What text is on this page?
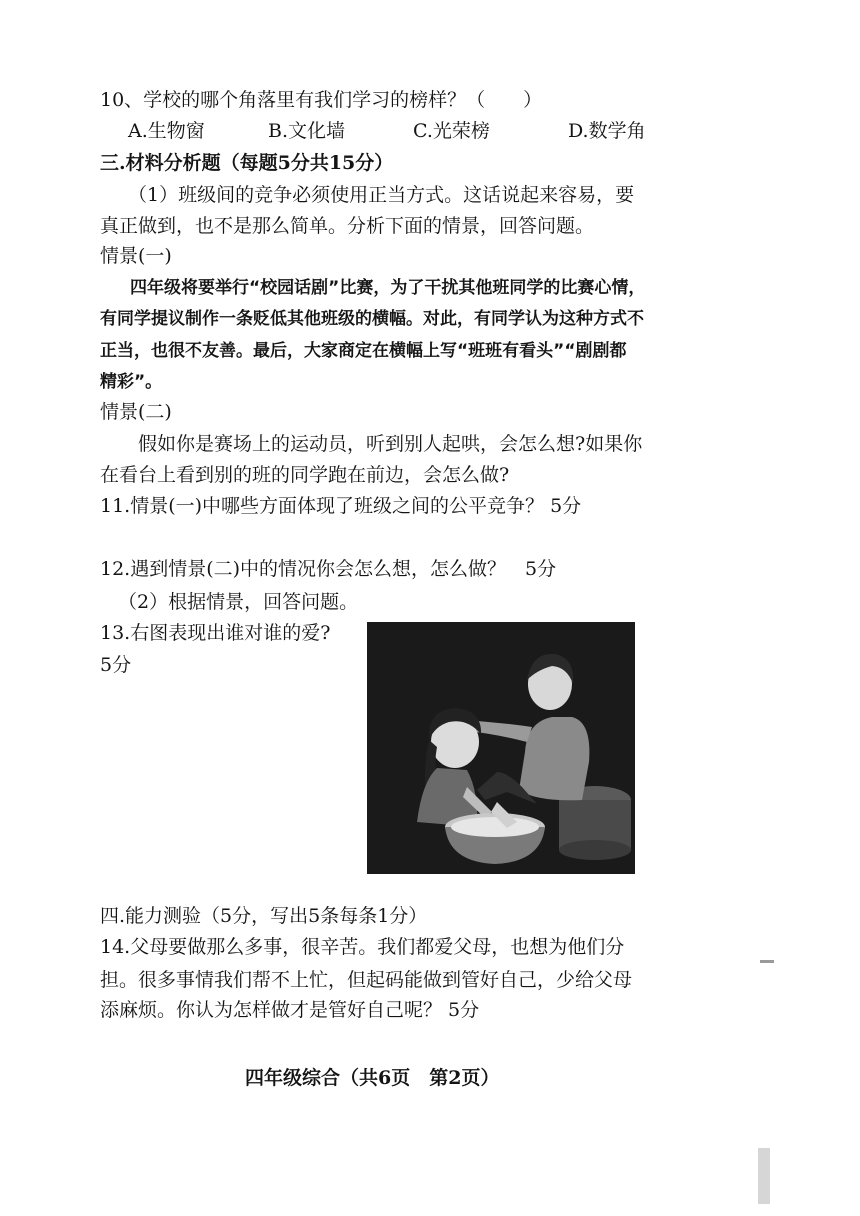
10、学校的哪个角落里有我们学习的榜样？（　　）
A.生物窗	B.文化墙	C.光荣榜	D.数学角
三.材料分析题（每题5分共15分）
（1）班级间的竞争必须使用正当方式。这话说起来容易，要
真正做到，也不是那么简单。分析下面的情景，回答问题。
情景(一)
四年级将要举行“校园话剧”比赛，为了干扰其他班同学的比赛心情，
有同学提议制作一条贬低其他班级的横幅。对此，有同学认为这种方式不
正当，也很不友善。最后，大家商定在横幅上写“班班有看头”“剧剧都
精彩”。
情景(二)
假如你是赛场上的运动员，听到别人起哄，会怎么想?如果你
在看台上看到别的班的同学跑在前边，会怎么做?
11.情景(一)中哪些方面体现了班级之间的公平竞争？ 5分
12.遇到情景(二)中的情况你会怎么想，怎么做？　5分
（2）根据情景，回答问题。
13.右图表现出谁对谁的爱?
5分
四.能力测验（5分，写出5条每条1分）
14.父母要做那么多事，很辛苦。我们都爱父母，也想为他们分
担。很多事情我们帮不上忙，但起码能做到管好自己，少给父母
添麻烦。你认为怎样做才是管好自己呢？ 5分
四年级综合（共6页　第2页）
